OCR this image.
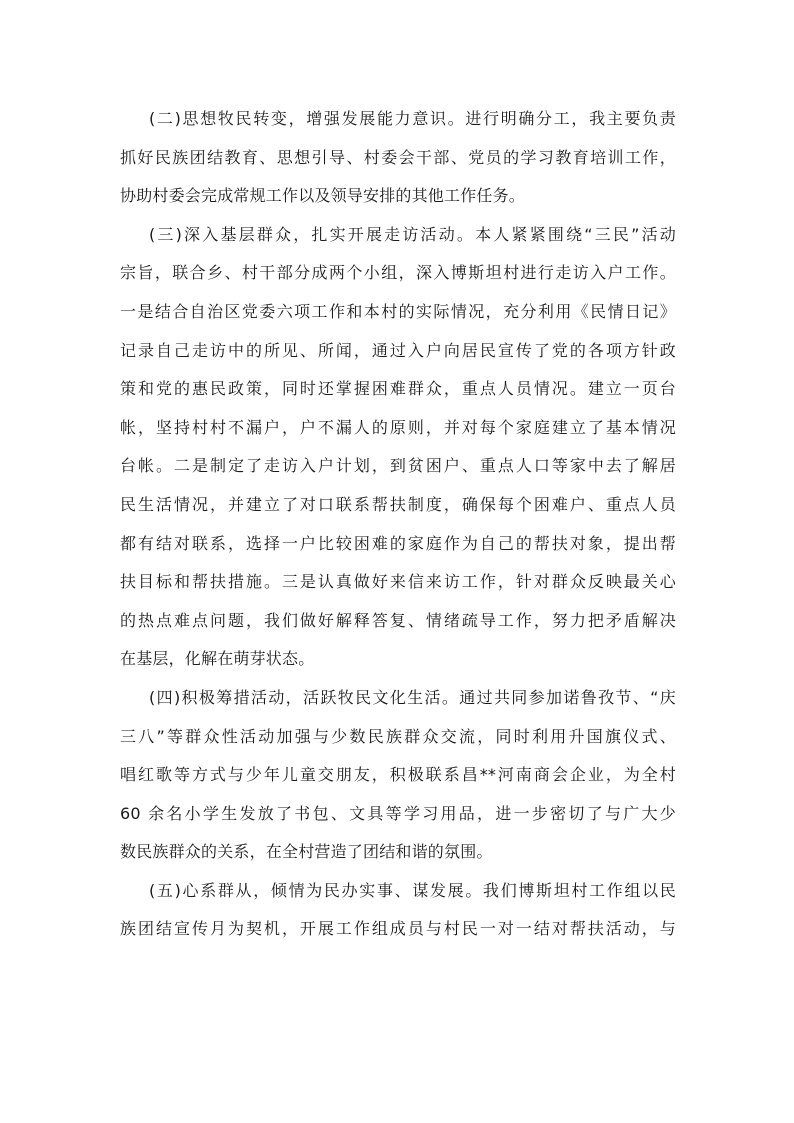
(二)思想牧民转变，增强发展能力意识。进行明确分工，我主要负责
抓好民族团结教育、思想引导、村委会干部、党员的学习教育培训工作，
协助村委会完成常规工作以及领导安排的其他工作任务。
(三)深入基层群众，扎实开展走访活动。本人紧紧围绕“三民”活动
宗旨，联合乡、村干部分成两个小组，深入博斯坦村进行走访入户工作。
一是结合自治区党委六项工作和本村的实际情况，充分利用《民情日记》
记录自己走访中的所见、所闻，通过入户向居民宣传了党的各项方针政
策和党的惠民政策，同时还掌握困难群众，重点人员情况。建立一页台
帐，坚持村村不漏户，户不漏人的原则，并对每个家庭建立了基本情况
台帐。二是制定了走访入户计划，到贫困户、重点人口等家中去了解居
民生活情况，并建立了对口联系帮扶制度，确保每个困难户、重点人员
都有结对联系，选择一户比较困难的家庭作为自己的帮扶对象，提出帮
扶目标和帮扶措施。三是认真做好来信来访工作，针对群众反映最关心
的热点难点问题，我们做好解释答复、情绪疏导工作，努力把矛盾解决
在基层，化解在萌芽状态。
(四)积极筹措活动，活跃牧民文化生活。通过共同参加诺鲁孜节、“庆
三八”等群众性活动加强与少数民族群众交流，同时利用升国旗仪式、
唱红歌等方式与少年儿童交朋友，积极联系昌**河南商会企业，为全村
60 余名小学生发放了书包、文具等学习用品，进一步密切了与广大少
数民族群众的关系，在全村营造了团结和谐的氛围。
(五)心系群从，倾情为民办实事、谋发展。我们博斯坦村工作组以民
族团结宣传月为契机，开展工作组成员与村民一对一结对帮扶活动，与
